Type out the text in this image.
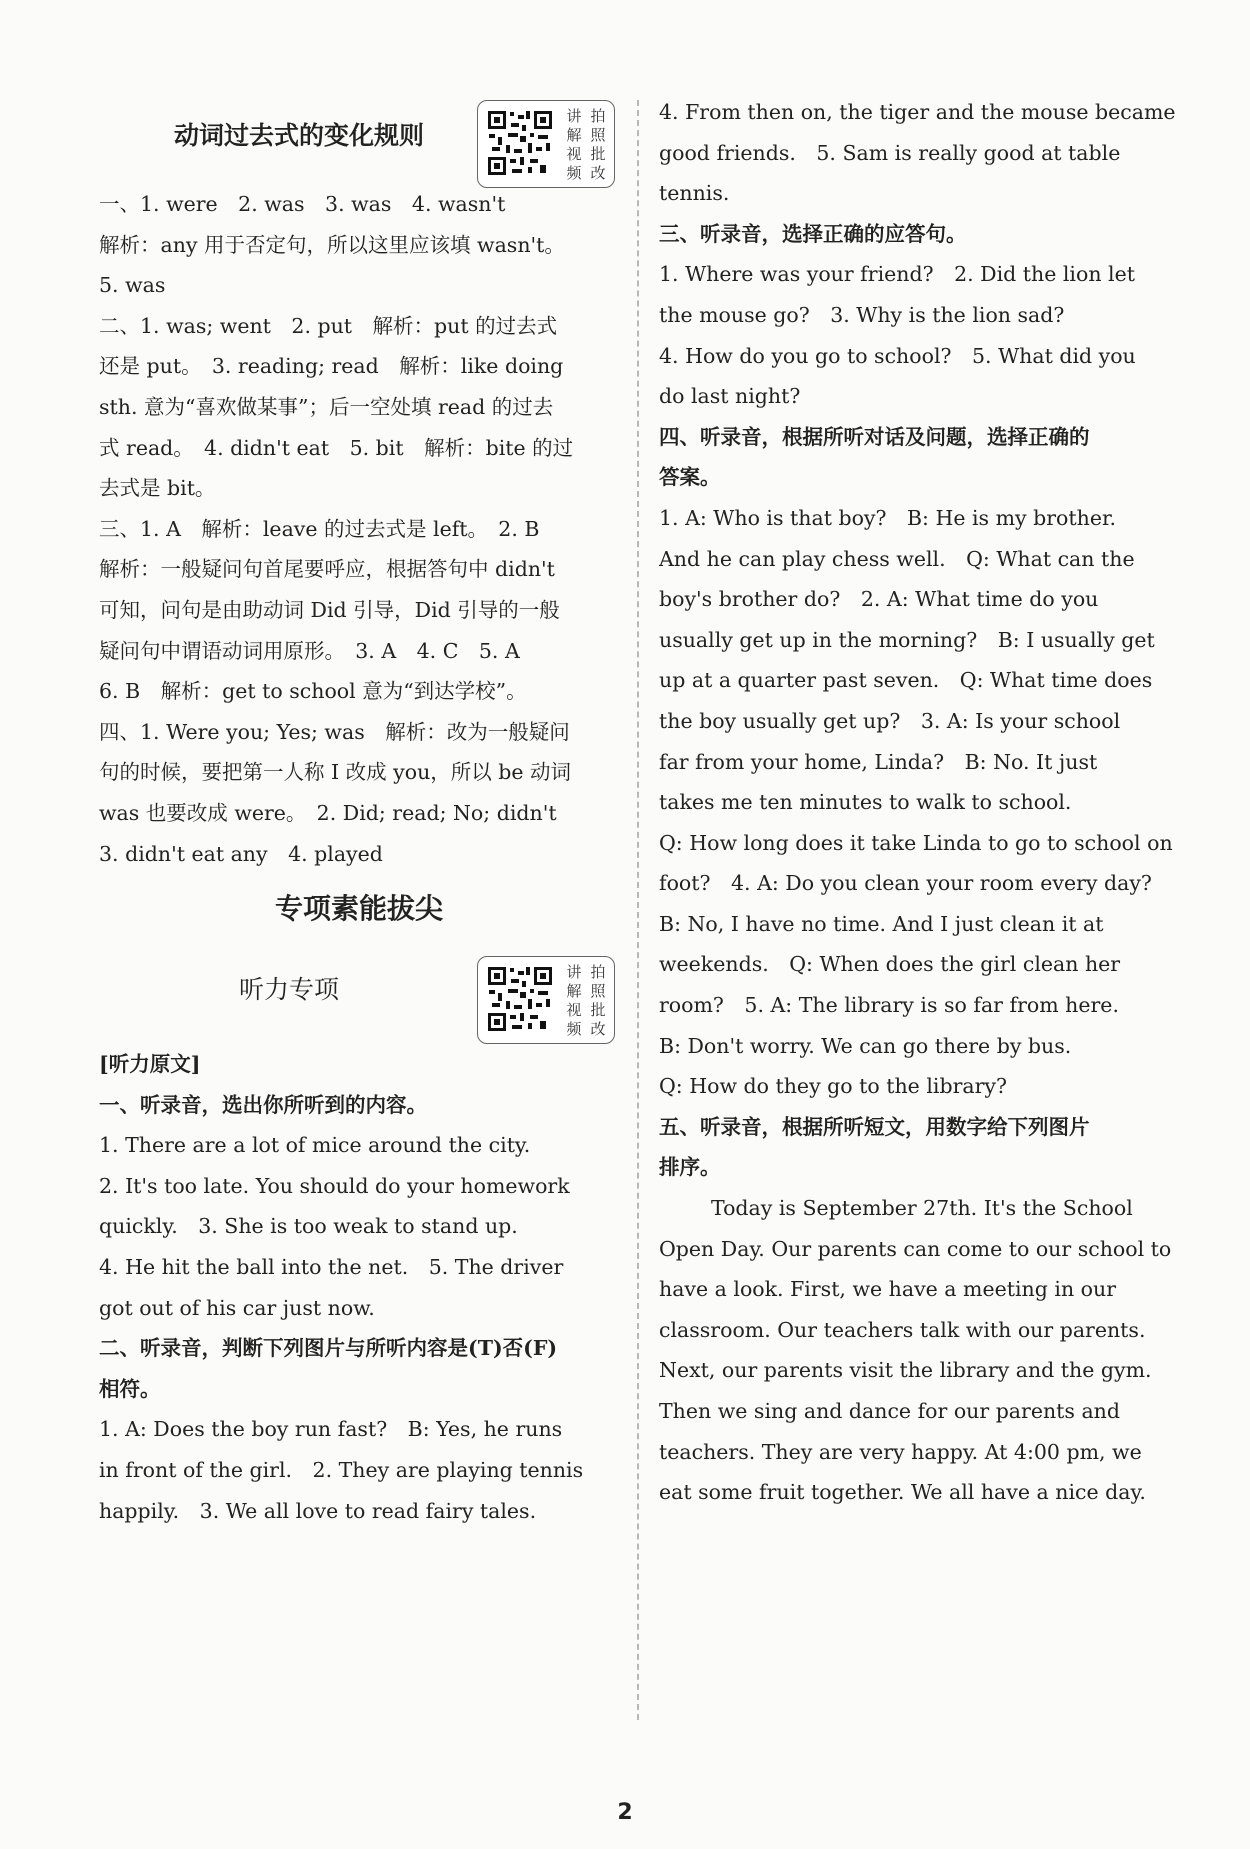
动词过去式的变化规则
讲 拍
解 照
视 批
频 改
一、1. were　2. was　3. was　4. wasn't
解析：any 用于否定句，所以这里应该填 wasn't。
5. was
二、1. was; went　2. put　解析：put 的过去式
还是 put。　3. reading; read　解析：like doing
sth. 意为“喜欢做某事”；后一空处填 read 的过去
式 read。　4. didn't eat　5. bit　解析：bite 的过
去式是 bit。
三、1. A　解析：leave 的过去式是 left。　2. B
解析：一般疑问句首尾要呼应，根据答句中 didn't
可知，问句是由助动词 Did 引导，Did 引导的一般
疑问句中谓语动词用原形。　3. A　4. C　5. A
6. B　解析：get to school 意为“到达学校”。
四、1. Were you; Yes; was　解析：改为一般疑问
句的时候，要把第一人称 I 改成 you，所以 be 动词
was 也要改成 were。　2. Did; read; No; didn't
3. didn't eat any　4. played
专项素能拔尖
听力专项
讲 拍
解 照
视 批
频 改
[听力原文]
一、听录音，选出你所听到的内容。
1. There are a lot of mice around the city.
2. It's too late. You should do your homework
quickly.　3. She is too weak to stand up.
4. He hit the ball into the net.　5. The driver
got out of his car just now.
二、听录音，判断下列图片与所听内容是(T)否(F)
相符。
1. A: Does the boy run fast?　B: Yes, he runs
in front of the girl.　2. They are playing tennis
happily.　3. We all love to read fairy tales.
4. From then on, the tiger and the mouse became
good friends.　5. Sam is really good at table
tennis.
三、听录音，选择正确的应答句。
1. Where was your friend?　2. Did the lion let
the mouse go?　3. Why is the lion sad?
4. How do you go to school?　5. What did you
do last night?
四、听录音，根据所听对话及问题，选择正确的
答案。
1. A: Who is that boy?　B: He is my brother.
And he can play chess well.　Q: What can the
boy's brother do?　2. A: What time do you
usually get up in the morning?　B: I usually get
up at a quarter past seven.　Q: What time does
the boy usually get up?　3. A: Is your school
far from your home, Linda?　B: No. It just
takes me ten minutes to walk to school.
Q: How long does it take Linda to go to school on
foot?　4. A: Do you clean your room every day?
B: No, I have no time. And I just clean it at
weekends.　Q: When does the girl clean her
room?　5. A: The library is so far from here.
B: Don't worry. We can go there by bus.
Q: How do they go to the library?
五、听录音，根据所听短文，用数字给下列图片
排序。
Today is September 27th. It's the School
Open Day. Our parents can come to our school to
have a look. First, we have a meeting in our
classroom. Our teachers talk with our parents.
Next, our parents visit the library and the gym.
Then we sing and dance for our parents and
teachers. They are very happy. At 4:00 pm, we
eat some fruit together. We all have a nice day.
2
